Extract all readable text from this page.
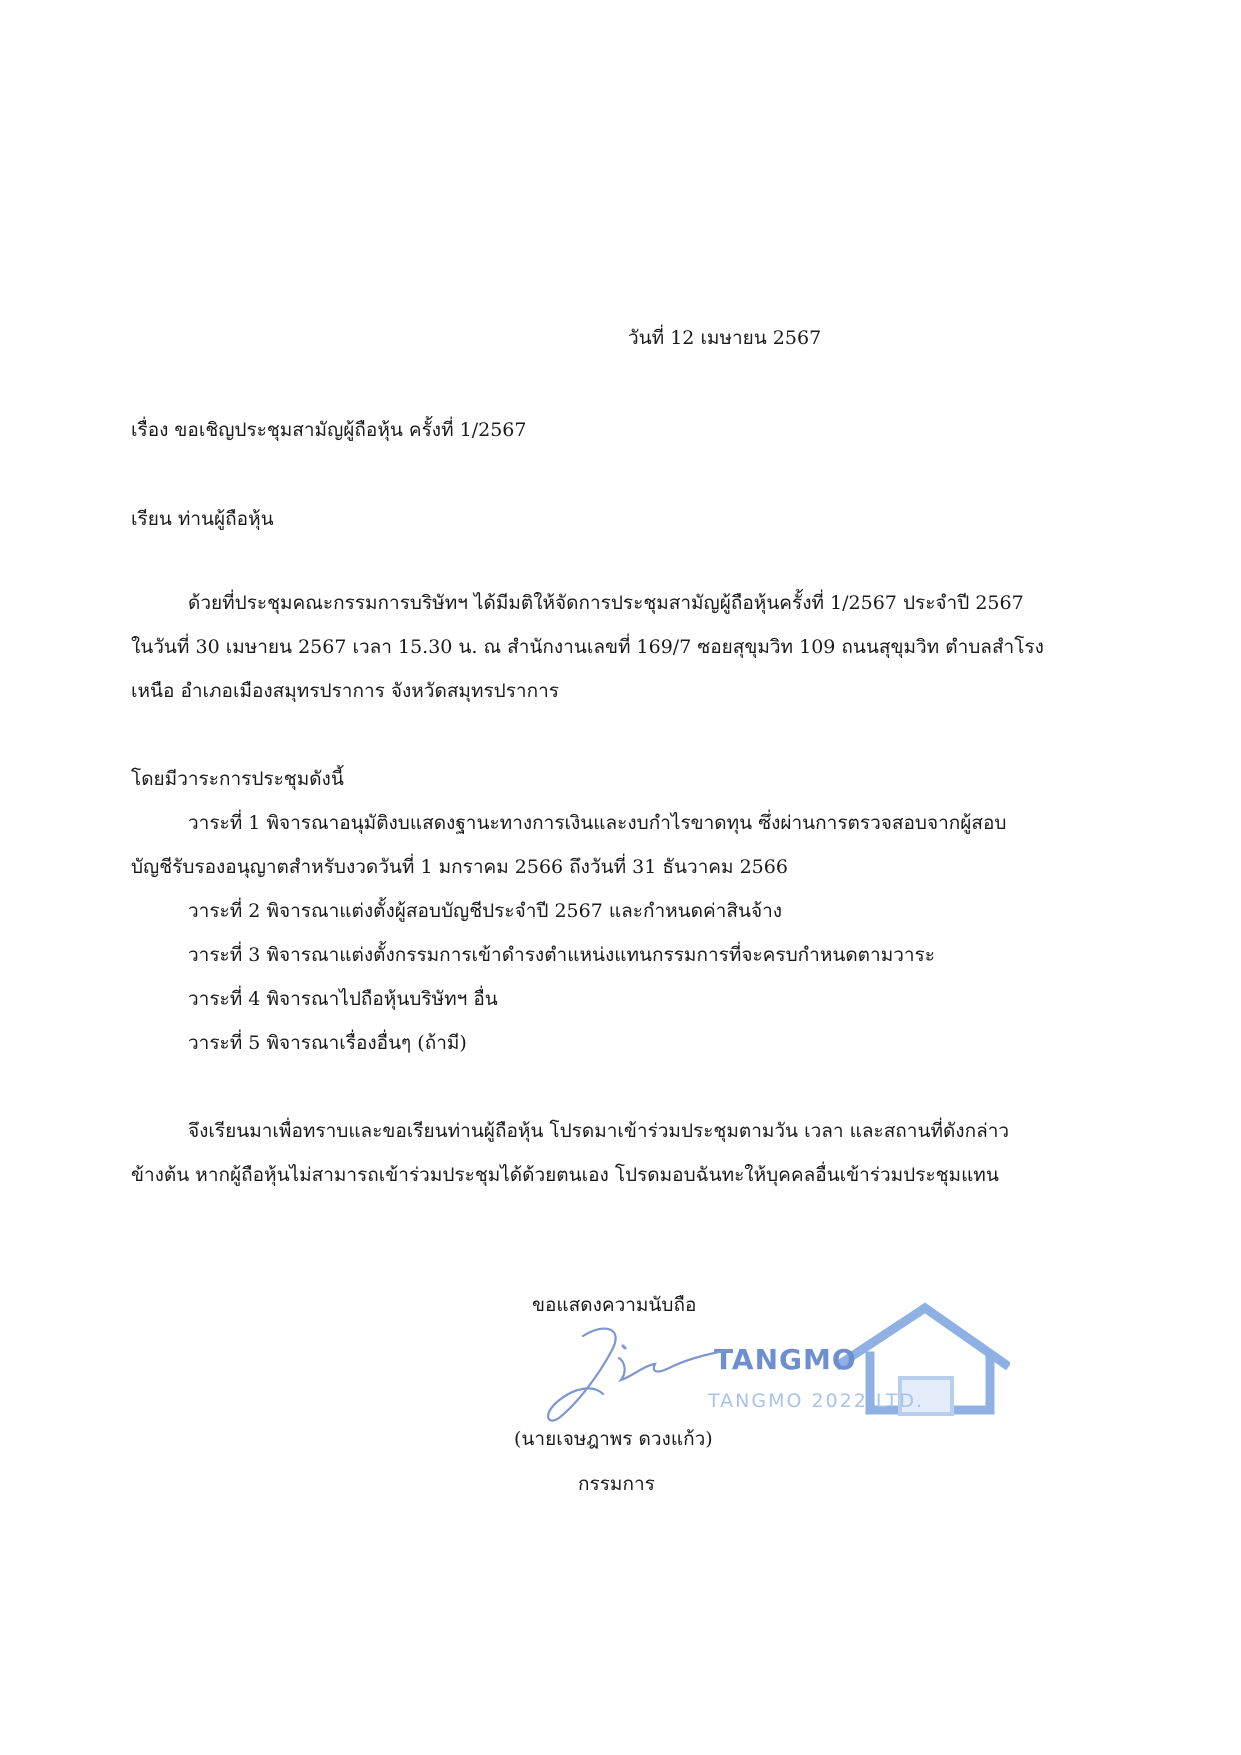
วันที่ 12 เมษายน 2567
เรื่อง ขอเชิญประชุมสามัญผู้ถือหุ้น ครั้งที่ 1/2567
เรียน ท่านผู้ถือหุ้น
ด้วยที่ประชุมคณะกรรมการบริษัทฯ ได้มีมติให้จัดการประชุมสามัญผู้ถือหุ้นครั้งที่ 1/2567 ประจำปี 2567
ในวันที่ 30 เมษายน 2567 เวลา 15.30 น. ณ สำนักงานเลขที่ 169/7 ซอยสุขุมวิท 109 ถนนสุขุมวิท ตำบลสำโรง
เหนือ อำเภอเมืองสมุทรปราการ จังหวัดสมุทรปราการ
โดยมีวาระการประชุมดังนี้
วาระที่ 1 พิจารณาอนุมัติงบแสดงฐานะทางการเงินและงบกำไรขาดทุน ซึ่งผ่านการตรวจสอบจากผู้สอบ
บัญชีรับรองอนุญาตสำหรับงวดวันที่ 1 มกราคม 2566 ถึงวันที่ 31 ธันวาคม 2566
วาระที่ 2 พิจารณาแต่งตั้งผู้สอบบัญชีประจำปี 2567 และกำหนดค่าสินจ้าง
วาระที่ 3 พิจารณาแต่งตั้งกรรมการเข้าดำรงตำแหน่งแทนกรรมการที่จะครบกำหนดตามวาระ
วาระที่ 4 พิจารณาไปถือหุ้นบริษัทฯ อื่น
วาระที่ 5 พิจารณาเรื่องอื่นๆ (ถ้ามี)
จึงเรียนมาเพื่อทราบและขอเรียนท่านผู้ถือหุ้น โปรดมาเข้าร่วมประชุมตามวัน เวลา และสถานที่ดังกล่าว
ข้างต้น หากผู้ถือหุ้นไม่สามารถเข้าร่วมประชุมได้ด้วยตนเอง โปรดมอบฉันทะให้บุคคลอื่นเข้าร่วมประชุมแทน
ขอแสดงความนับถือ
TANGMO
TANGMO 2022 LTD.
(นายเจษฎาพร ดวงแก้ว)
กรรมการ
